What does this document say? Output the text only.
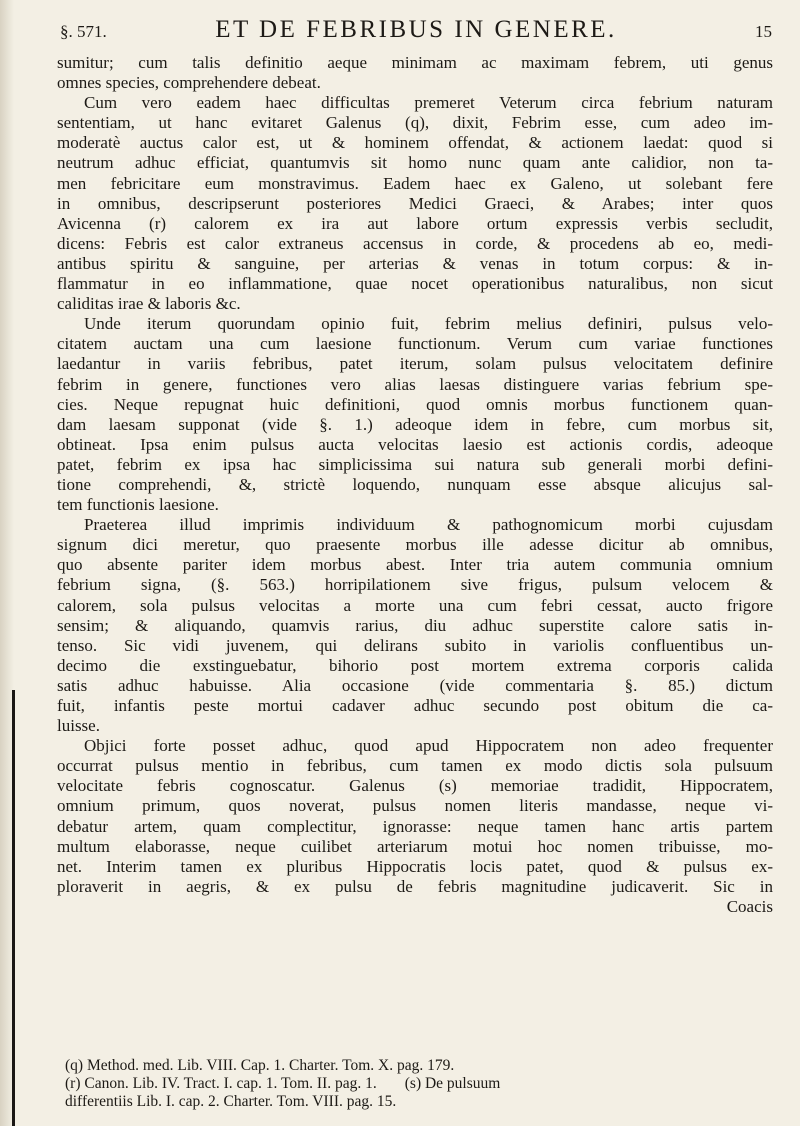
§. 571.	ET DE FEBRIBUS IN GENERE.	15
sumitur; cum talis definitio aeque minimam ac maximam febrem, uti genus
omnes species, comprehendere debeat.
Cum vero eadem haec difficultas premeret Veterum circa febrium naturam
sententiam, ut hanc evitaret Galenus (q), dixit, Febrim esse, cum adeo im-
moderatè auctus calor est, ut & hominem offendat, & actionem laedat: quod si
neutrum adhuc efficiat, quantumvis sit homo nunc quam ante calidior, non ta-
men febricitare eum monstravimus. Eadem haec ex Galeno, ut solebant fere
in omnibus, descripserunt posteriores Medici Graeci, & Arabes; inter quos
Avicenna (r) calorem ex ira aut labore ortum expressis verbis secludit,
dicens: Febris est calor extraneus accensus in corde, & procedens ab eo, medi-
antibus spiritu & sanguine, per arterias & venas in totum corpus: & in-
flammatur in eo inflammatione, quae nocet operationibus naturalibus, non sicut
caliditas irae & laboris &c.
Unde iterum quorundam opinio fuit, febrim melius definiri, pulsus velo-
citatem auctam una cum laesione functionum. Verum cum variae functiones
laedantur in variis febribus, patet iterum, solam pulsus velocitatem definire
febrim in genere, functiones vero alias laesas distinguere varias febrium spe-
cies. Neque repugnat huic definitioni, quod omnis morbus functionem quan-
dam laesam supponat (vide §. 1.) adeoque idem in febre, cum morbus sit,
obtineat. Ipsa enim pulsus aucta velocitas laesio est actionis cordis, adeoque
patet, febrim ex ipsa hac simplicissima sui natura sub generali morbi defini-
tione comprehendi, &, strictè loquendo, nunquam esse absque alicujus sal-
tem functionis laesione.
Praeterea illud imprimis individuum & pathognomicum morbi cujusdam
signum dici meretur, quo praesente morbus ille adesse dicitur ab omnibus,
quo absente pariter idem morbus abest. Inter tria autem communia omnium
febrium signa, (§. 563.) horripilationem sive frigus, pulsum velocem &
calorem, sola pulsus velocitas a morte una cum febri cessat, aucto frigore
sensim; & aliquando, quamvis rarius, diu adhuc superstite calore satis in-
tenso. Sic vidi juvenem, qui delirans subito in variolis confluentibus un-
decimo die exstinguebatur, bihorio post mortem extrema corporis calida
satis adhuc habuisse. Alia occasione (vide commentaria §. 85.) dictum
fuit, infantis peste mortui cadaver adhuc secundo post obitum die ca-
luisse.
Objici forte posset adhuc, quod apud Hippocratem non adeo frequenter
occurrat pulsus mentio in febribus, cum tamen ex modo dictis sola pulsuum
velocitate febris cognoscatur. Galenus (s) memoriae tradidit, Hippocratem,
omnium primum, quos noverat, pulsus nomen literis mandasse, neque vi-
debatur artem, quam complectitur, ignorasse: neque tamen hanc artis partem
multum elaborasse, neque cuilibet arteriarum motui hoc nomen tribuisse, mo-
net. Interim tamen ex pluribus Hippocratis locis patet, quod & pulsus ex-
ploraverit in aegris, & ex pulsu de febris magnitudine judicaverit. Sic in
Coacis
(q) Method. med. Lib. VIII. Cap. 1. Charter. Tom. X. pag. 179.
(r) Canon. Lib. IV. Tract. I. cap. 1. Tom. II. pag. 1. (s) De pulsuum
differentiis Lib. I. cap. 2. Charter. Tom. VIII. pag. 15.
